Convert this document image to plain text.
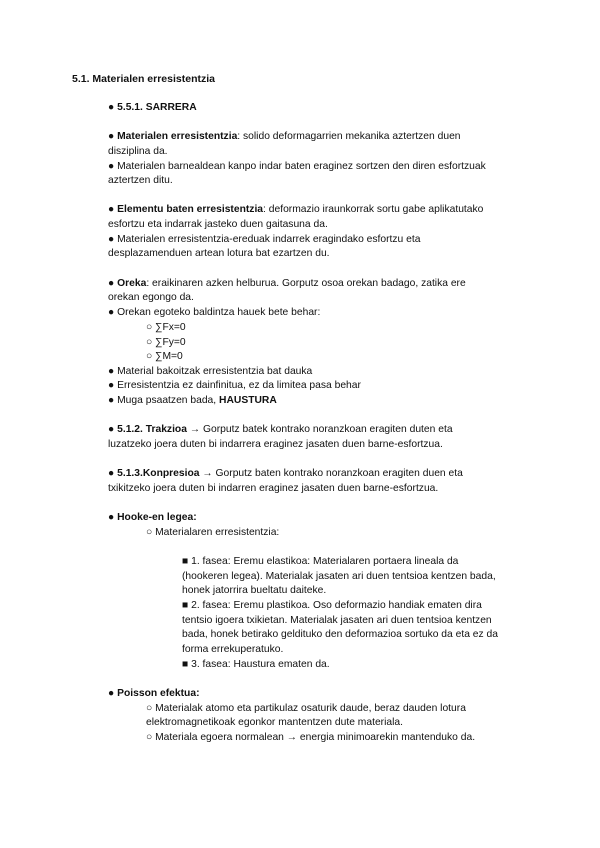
5.1. Materialen erresistentzia
● 5.5.1. SARRERA
● Materialen erresistentzia: solido deformagarrien mekanika aztertzen duen
disziplina da.
● Materialen barnealdean kanpo indar baten eraginez sortzen den diren esfortzuak
aztertzen ditu.
● Elementu baten erresistentzia: deformazio iraunkorrak sortu gabe aplikatutako
esfortzu eta indarrak jasteko duen gaitasuna da.
● Materialen erresistentzia-ereduak indarrek eragindako esfortzu eta
desplazamenduen artean lotura bat ezartzen du.
● Oreka: eraikinaren azken helburua. Gorputz osoa orekan badago, zatika ere
orekan egongo da.
● Orekan egoteko baldintza hauek bete behar:
○ ∑Fx=0
○ ∑Fy=0
○ ∑M=0
● Material bakoitzak erresistentzia bat dauka
● Erresistentzia ez dainfinitua, ez da limitea pasa behar
● Muga psaatzen bada, HAUSTURA
● 5.1.2. Trakzioa → Gorputz batek kontrako noranzkoan eragiten duten eta
luzatzeko joera duten bi indarrera eraginez jasaten duen barne-esfortzua.
● 5.1.3.Konpresioa → Gorputz baten kontrako noranzkoan eragiten duen eta
txikitzeko joera duten bi indarren eraginez jasaten duen barne-esfortzua.
● Hooke-en legea:
○ Materialaren erresistentzia:
■ 1. fasea: Eremu elastikoa: Materialaren portaera lineala da
(hookeren legea). Materialak jasaten ari duen tentsioa kentzen bada,
honek jatorrira bueltatu daiteke.
■ 2. fasea: Eremu plastikoa. Oso deformazio handiak ematen dira
tentsio igoera txikietan. Materialak jasaten ari duen tentsioa kentzen
bada, honek betirako geldituko den deformazioa sortuko da eta ez da
forma errekuperatuko.
■ 3. fasea: Haustura ematen da.
● Poisson efektua:
○ Materialak atomo eta partikulaz osaturik daude, beraz dauden lotura
elektromagnetikoak egonkor mantentzen dute materiala.
○ Materiala egoera normalean → energia minimoarekin mantenduko da.
